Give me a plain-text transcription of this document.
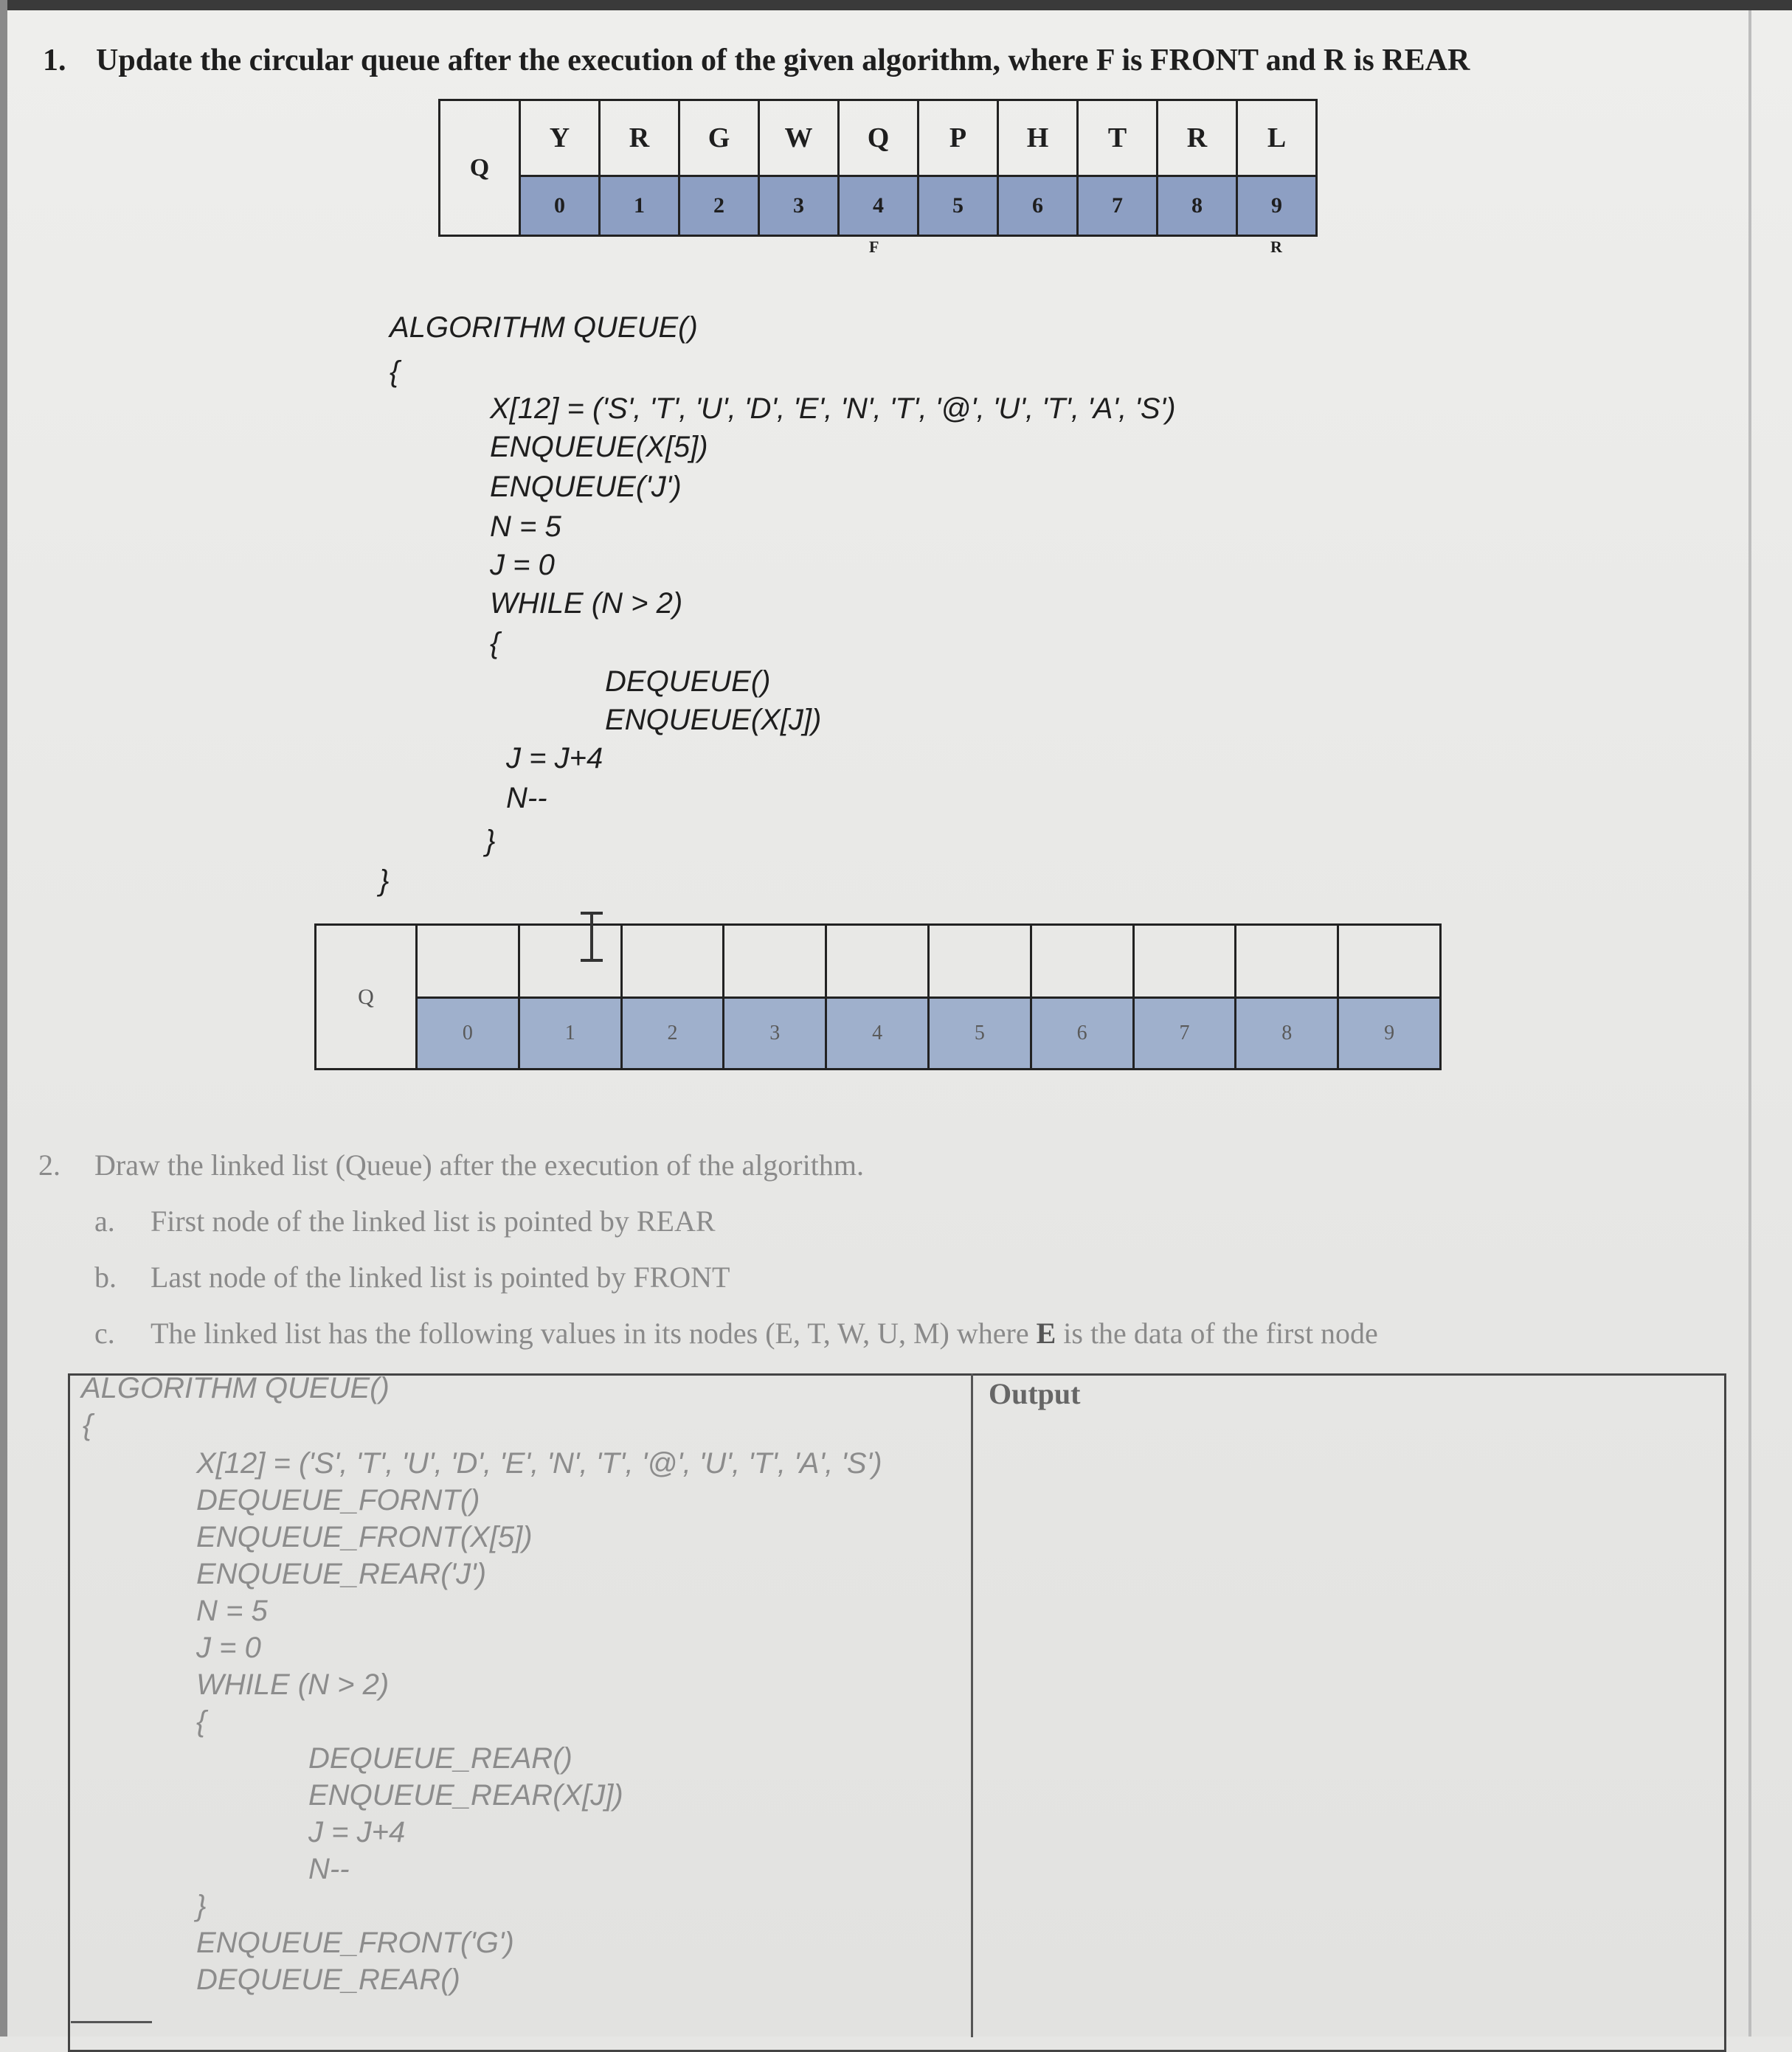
1. Update the circular queue after the execution of the given algorithm, where F is FRONT and R is REAR
Q	Y	R	G	W	Q	P	H	T	R	L
	0	1	2	3	4	5	6	7	8	9
F	R
ALGORITHM QUEUE()
{
X[12] = ('S', 'T', 'U', 'D', 'E', 'N', 'T', '@', 'U', 'T', 'A', 'S')
ENQUEUE(X[5])
ENQUEUE('J')
N = 5
J = 0
WHILE (N > 2)
{
DEQUEUE()
ENQUEUE(X[J])
J = J+4
N--
}
}
Q										
	0	1	2	3	4	5	6	7	8	9
2. Draw the linked list (Queue) after the execution of the algorithm.
a. First node of the linked list is pointed by REAR
b. Last node of the linked list is pointed by FRONT
c. The linked list has the following values in its nodes (E, T, W, U, M) where E is the data of the first node
Output
ALGORITHM QUEUE()
{
X[12] = ('S', 'T', 'U', 'D', 'E', 'N', 'T', '@', 'U', 'T', 'A', 'S')
DEQUEUE_FORNT()
ENQUEUE_FRONT(X[5])
ENQUEUE_REAR('J')
N = 5
J = 0
WHILE (N > 2)
{
DEQUEUE_REAR()
ENQUEUE_REAR(X[J])
J = J+4
N--
}
ENQUEUE_FRONT('G')
DEQUEUE_REAR()
